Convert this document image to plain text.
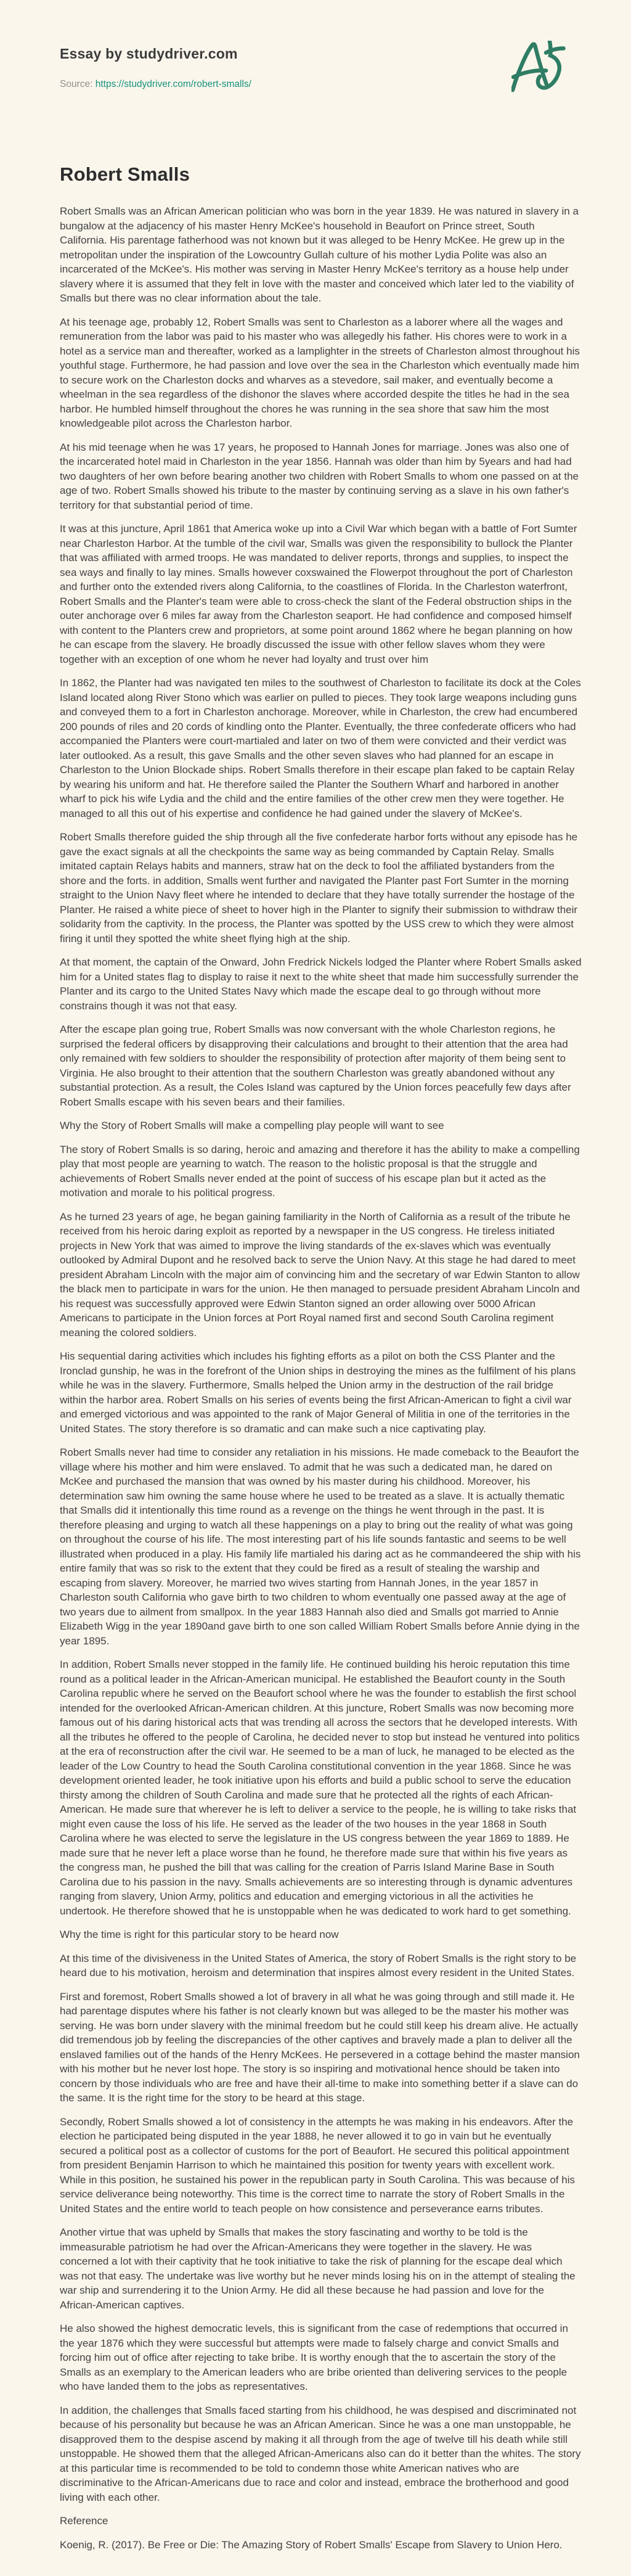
Essay by studydriver.com
Source: https://studydriver.com/robert-smalls/
Robert Smalls

Robert Smalls was an African American politician who was born in the year 1839. He was natured in slavery in a bungalow at the adjacency of his master Henry McKee's household in Beaufort on Prince street, South California. His parentage fatherhood was not known but it was alleged to be Henry McKee. He grew up in the metropolitan under the inspiration of the Lowcountry Gullah culture of his mother Lydia Polite was also an incarcerated of the McKee's. His mother was serving in Master Henry McKee's territory as a house help under slavery where it is assumed that they felt in love with the master and conceived which later led to the viability of Smalls but there was no clear information about the tale.

At his teenage age, probably 12, Robert Smalls was sent to Charleston as a laborer where all the wages and remuneration from the labor was paid to his master who was allegedly his father. His chores were to work in a hotel as a service man and thereafter, worked as a lamplighter in the streets of Charleston almost throughout his youthful stage. Furthermore, he had passion and love over the sea in the Charleston which eventually made him to secure work on the Charleston docks and wharves as a stevedore, sail maker, and eventually become a wheelman in the sea regardless of the dishonor the slaves where accorded despite the titles he had in the sea harbor. He humbled himself throughout the chores he was running in the sea shore that saw him the most knowledgeable pilot across the Charleston harbor.

At his mid teenage when he was 17 years, he proposed to Hannah Jones for marriage. Jones was also one of the incarcerated hotel maid in Charleston in the year 1856. Hannah was older than him by 5years and had had two daughters of her own before bearing another two children with Robert Smalls to whom one passed on at the age of two. Robert Smalls showed his tribute to the master by continuing serving as a slave in his own father's territory for that substantial period of time.

It was at this juncture, April 1861 that America woke up into a Civil War which began with a battle of Fort Sumter near Charleston Harbor. At the tumble of the civil war, Smalls was given the responsibility to bullock the Planter that was affiliated with armed troops. He was mandated to deliver reports, throngs and supplies, to inspect the sea ways and finally to lay mines. Smalls however coxswained the Flowerpot throughout the port of Charleston and further onto the extended rivers along California, to the coastlines of Florida. In the Charleston waterfront, Robert Smalls and the Planter's team were able to cross-check the slant of the Federal obstruction ships in the outer anchorage over 6 miles far away from the Charleston seaport. He had confidence and composed himself with content to the Planters crew and proprietors, at some point around 1862 where he began planning on how he can escape from the slavery. He broadly discussed the issue with other fellow slaves whom they were together with an exception of one whom he never had loyalty and trust over him

In 1862, the Planter had was navigated ten miles to the southwest of Charleston to facilitate its dock at the Coles Island located along River Stono which was earlier on pulled to pieces. They took large weapons including guns and conveyed them to a fort in Charleston anchorage. Moreover, while in Charleston, the crew had encumbered 200 pounds of riles and 20 cords of kindling onto the Planter. Eventually, the three confederate officers who had accompanied the Planters were court-martialed and later on two of them were convicted and their verdict was later outlooked. As a result, this gave Smalls and the other seven slaves who had planned for an escape in Charleston to the Union Blockade ships. Robert Smalls therefore in their escape plan faked to be captain Relay by wearing his uniform and hat. He therefore sailed the Planter the Southern Wharf and harbored in another wharf to pick his wife Lydia and the child and the entire families of the other crew men they were together. He managed to all this out of his expertise and confidence he had gained under the slavery of McKee's.

Robert Smalls therefore guided the ship through all the five confederate harbor forts without any episode has he gave the exact signals at all the checkpoints the same way as being commanded by Captain Relay. Smalls imitated captain Relays habits and manners, straw hat on the deck to fool the affiliated bystanders from the shore and the forts. in addition, Smalls went further and navigated the Planter past Fort Sumter in the morning straight to the Union Navy fleet where he intended to declare that they have totally surrender the hostage of the Planter. He raised a white piece of sheet to hover high in the Planter to signify their submission to withdraw their solidarity from the captivity. In the process, the Planter was spotted by the USS crew to which they were almost firing it until they spotted the white sheet flying high at the ship.

At that moment, the captain of the Onward, John Fredrick Nickels lodged the Planter where Robert Smalls asked him for a United states flag to display to raise it next to the white sheet that made him successfully surrender the Planter and its cargo to the United States Navy which made the escape deal to go through without more constrains though it was not that easy.

After the escape plan going true, Robert Smalls was now conversant with the whole Charleston regions, he surprised the federal officers by disapproving their calculations and brought to their attention that the area had only remained with few soldiers to shoulder the responsibility of protection after majority of them being sent to Virginia. He also brought to their attention that the southern Charleston was greatly abandoned without any substantial protection. As a result, the Coles Island was captured by the Union forces peacefully few days after Robert Smalls escape with his seven bears and their families.

Why the Story of Robert Smalls will make a compelling play people will want to see

The story of Robert Smalls is so daring, heroic and amazing and therefore it has the ability to make a compelling play that most people are yearning to watch. The reason to the holistic proposal is that the struggle and achievements of Robert Smalls never ended at the point of success of his escape plan but it acted as the motivation and morale to his political progress.

As he turned 23 years of age, he began gaining familiarity in the North of California as a result of the tribute he received from his heroic daring exploit as reported by a newspaper in the US congress. He tireless initiated projects in New York that was aimed to improve the living standards of the ex-slaves which was eventually outlooked by Admiral Dupont and he resolved back to serve the Union Navy. At this stage he had dared to meet president Abraham Lincoln with the major aim of convincing him and the secretary of war Edwin Stanton to allow the black men to participate in wars for the union. He then managed to persuade president Abraham Lincoln and his request was successfully approved were Edwin Stanton signed an order allowing over 5000 African Americans to participate in the Union forces at Port Royal named first and second South Carolina regiment meaning the colored soldiers.

His sequential daring activities which includes his fighting efforts as a pilot on both the CSS Planter and the Ironclad gunship, he was in the forefront of the Union ships in destroying the mines as the fulfilment of his plans while he was in the slavery. Furthermore, Smalls helped the Union army in the destruction of the rail bridge within the harbor area. Robert Smalls on his series of events being the first African-American to fight a civil war and emerged victorious and was appointed to the rank of Major General of Militia in one of the territories in the United States. The story therefore is so dramatic and can make such a nice captivating play.

Robert Smalls never had time to consider any retaliation in his missions. He made comeback to the Beaufort the village where his mother and him were enslaved. To admit that he was such a dedicated man, he dared on McKee and purchased the mansion that was owned by his master during his childhood. Moreover, his determination saw him owning the same house where he used to be treated as a slave. It is actually thematic that Smalls did it intentionally this time round as a revenge on the things he went through in the past. It is therefore pleasing and urging to watch all these happenings on a play to bring out the reality of what was going on throughout the course of his life. The most interesting part of his life sounds fantastic and seems to be well illustrated when produced in a play. His family life martialed his daring act as he commandeered the ship with his entire family that was so risk to the extent that they could be fired as a result of stealing the warship and escaping from slavery. Moreover, he married two wives starting from Hannah Jones, in the year 1857 in Charleston south California who gave birth to two children to whom eventually one passed away at the age of two years due to ailment from smallpox. In the year 1883 Hannah also died and Smalls got married to Annie Elizabeth Wigg in the year 1890and gave birth to one son called William Robert Smalls before Annie dying in the year 1895.

In addition, Robert Smalls never stopped in the family life. He continued building his heroic reputation this time round as a political leader in the African-American municipal. He established the Beaufort county in the South Carolina republic where he served on the Beaufort school where he was the founder to establish the first school intended for the overlooked African-American children. At this juncture, Robert Smalls was now becoming more famous out of his daring historical acts that was trending all across the sectors that he developed interests. With all the tributes he offered to the people of Carolina, he decided never to stop but instead he ventured into politics at the era of reconstruction after the civil war. He seemed to be a man of luck, he managed to be elected as the leader of the Low Country to head the South Carolina constitutional convention in the year 1868. Since he was development oriented leader, he took initiative upon his efforts and build a public school to serve the education thirsty among the children of South Carolina and made sure that he protected all the rights of each African-American. He made sure that wherever he is left to deliver a service to the people, he is willing to take risks that might even cause the loss of his life. He served as the leader of the two houses in the year 1868 in South Carolina where he was elected to serve the legislature in the US congress between the year 1869 to 1889. He made sure that he never left a place worse than he found, he therefore made sure that within his five years as the congress man, he pushed the bill that was calling for the creation of Parris Island Marine Base in South Carolina due to his passion in the navy. Smalls achievements are so interesting through is dynamic adventures ranging from slavery, Union Army, politics and education and emerging victorious in all the activities he undertook. He therefore showed that he is unstoppable when he was dedicated to work hard to get something.

Why the time is right for this particular story to be heard now

At this time of the divisiveness in the United States of America, the story of Robert Smalls is the right story to be heard due to his motivation, heroism and determination that inspires almost every resident in the United States.

First and foremost, Robert Smalls showed a lot of bravery in all what he was going through and still made it. He had parentage disputes where his father is not clearly known but was alleged to be the master his mother was serving. He was born under slavery with the minimal freedom but he could still keep his dream alive. He actually did tremendous job by feeling the discrepancies of the other captives and bravely made a plan to deliver all the enslaved families out of the hands of the Henry McKees. He persevered in a cottage behind the master mansion with his mother but he never lost hope. The story is so inspiring and motivational hence should be taken into concern by those individuals who are free and have their all-time to make into something better if a slave can do the same. It is the right time for the story to be heard at this stage.

Secondly, Robert Smalls showed a lot of consistency in the attempts he was making in his endeavors. After the election he participated being disputed in the year 1888, he never allowed it to go in vain but he eventually secured a political post as a collector of customs for the port of Beaufort. He secured this political appointment from president Benjamin Harrison to which he maintained this position for twenty years with excellent work. While in this position, he sustained his power in the republican party in South Carolina. This was because of his service deliverance being noteworthy. This time is the correct time to narrate the story of Robert Smalls in the United States and the entire world to teach people on how consistence and perseverance earns tributes.

Another virtue that was upheld by Smalls that makes the story fascinating and worthy to be told is the immeasurable patriotism he had over the African-Americans they were together in the slavery. He was concerned a lot with their captivity that he took initiative to take the risk of planning for the escape deal which was not that easy. The undertake was live worthy but he never minds losing his on in the attempt of stealing the war ship and surrendering it to the Union Army. He did all these because he had passion and love for the African-American captives.

He also showed the highest democratic levels, this is significant from the case of redemptions that occurred in the year 1876 which they were successful but attempts were made to falsely charge and convict Smalls and forcing him out of office after rejecting to take bribe. It is worthy enough that the to ascertain the story of the Smalls as an exemplary to the American leaders who are bribe oriented than delivering services to the people who have landed them to the jobs as representatives.

In addition, the challenges that Smalls faced starting from his childhood, he was despised and discriminated not because of his personality but because he was an African American. Since he was a one man unstoppable, he disapproved them to the despise ascend by making it all through from the age of twelve till his death while still unstoppable. He showed them that the alleged African-Americans also can do it better than the whites. The story at this particular time is recommended to be told to condemn those white American natives who are discriminative to the African-Americans due to race and color and instead, embrace the brotherhood and good living with each other.

Reference

Koenig, R. (2017). Be Free or Die: The Amazing Story of Robert Smalls' Escape from Slavery to Union Hero.
